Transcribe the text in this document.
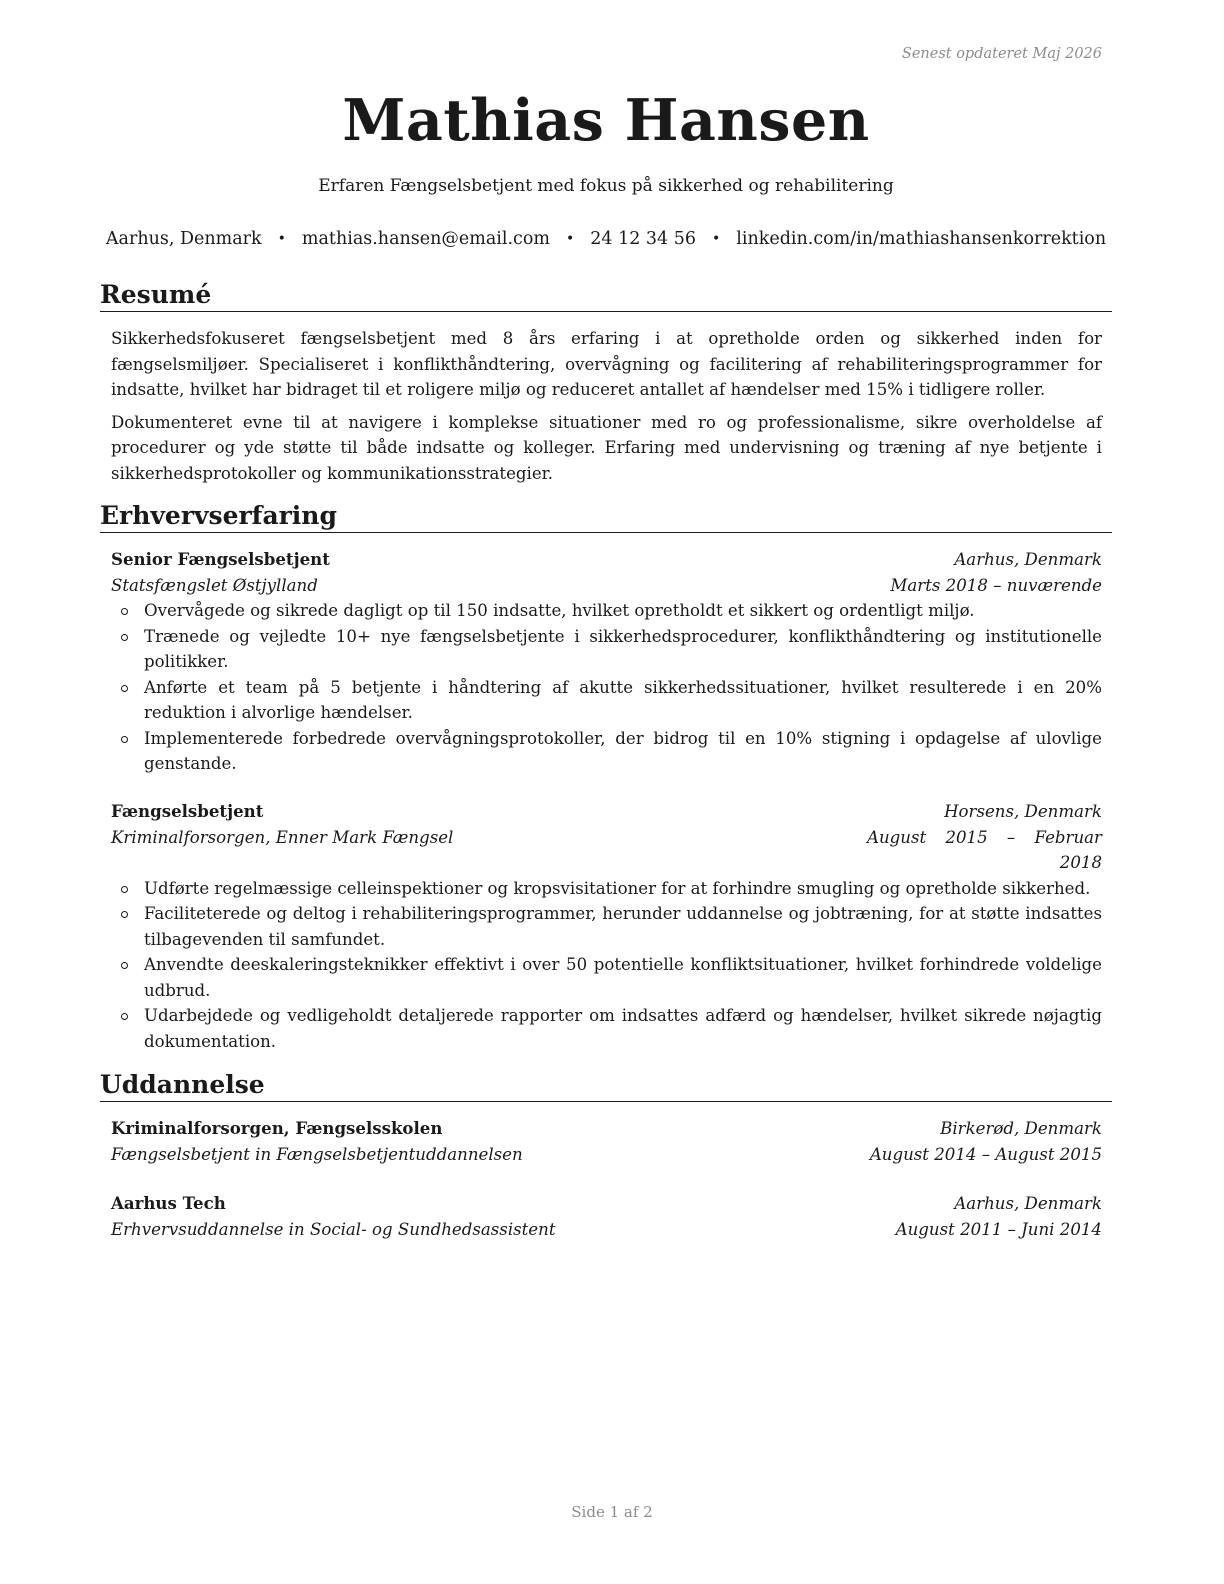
Senest opdateret Maj 2026
Mathias Hansen
Erfaren Fængselsbetjent med fokus på sikkerhed og rehabilitering
Aarhus, Denmark • mathias.hansen@email.com • 24 12 34 56 • linkedin.com/in/mathiashansenkorrektion
Resumé

Sikkerhedsfokuseret fængselsbetjent med 8 års erfaring i at opretholde orden og sikkerhed inden for fængselsmiljøer. Specialiseret i konflikthåndtering, overvågning og facilitering af rehabiliteringsprogrammer for indsatte, hvilket har bidraget til et roligere miljø og reduceret antallet af hændelser med 15% i tidligere roller.

Dokumenteret evne til at navigere i komplekse situationer med ro og professionalisme, sikre overholdelse af procedurer og yde støtte til både indsatte og kolleger. Erfaring med undervisning og træning af nye betjente i sikkerhedsprotokoller og kommunikationsstrategier.

Erhvervserfaring
Senior Fængselsbetjent	Aarhus, Denmark
Statsfængslet Østjylland	Marts 2018 – nuværende
Overvågede og sikrede dagligt op til 150 indsatte, hvilket opretholdt et sikkert og ordentligt miljø.
Trænede og vejledte 10+ nye fængselsbetjente i sikkerhedsprocedurer, konflikthåndtering og institutionelle politikker.
Anførte et team på 5 betjente i håndtering af akutte sikkerhedssituationer, hvilket resulterede i en 20% reduktion i alvorlige hændelser.
Implementerede forbedrede overvågningsprotokoller, der bidrog til en 10% stigning i opdagelse af ulovlige genstande.
Fængselsbetjent	Horsens, Denmark
Kriminalforsorgen, Enner Mark Fængsel	August 2015 – Februar 2018
Udførte regelmæssige celleinspektioner og kropsvisitationer for at forhindre smugling og opretholde sikkerhed.
Faciliteterede og deltog i rehabiliteringsprogrammer, herunder uddannelse og jobtræning, for at støtte indsattes tilbagevenden til samfundet.
Anvendte deeskaleringsteknikker effektivt i over 50 potentielle konfliktsituationer, hvilket forhindrede voldelige udbrud.
Udarbejdede og vedligeholdt detaljerede rapporter om indsattes adfærd og hændelser, hvilket sikrede nøjagtig dokumentation.
Uddannelse
Kriminalforsorgen, Fængselsskolen	Birkerød, Denmark
Fængselsbetjent in Fængselsbetjentuddannelsen	August 2014 – August 2015
Aarhus Tech	Aarhus, Denmark
Erhvervsuddannelse in Social- og Sundhedsassistent	August 2011 – Juni 2014
Side 1 af 2
